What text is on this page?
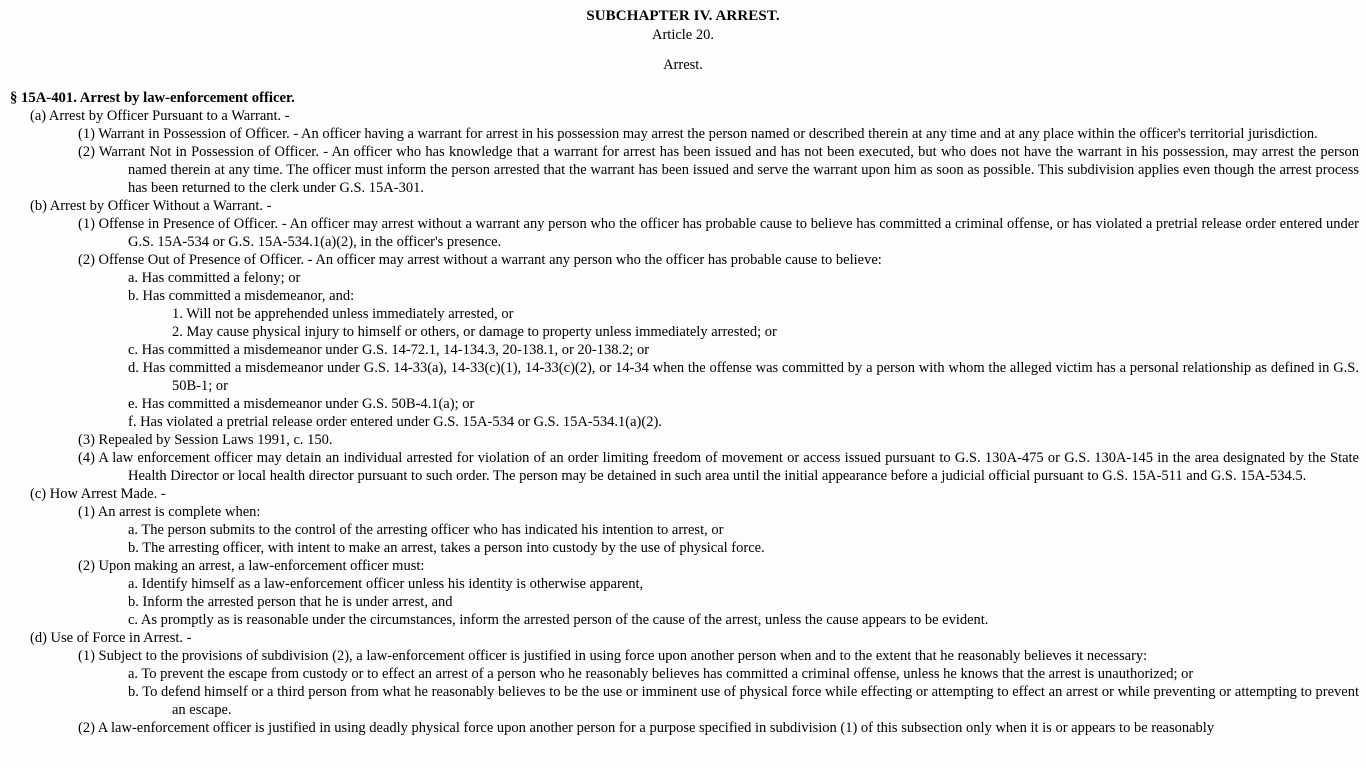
SUBCHAPTER IV. ARREST.
Article 20.
Arrest.
§ 15A-401. Arrest by law-enforcement officer.

(a) Arrest by Officer Pursuant to a Warrant. -

(1) Warrant in Possession of Officer. - An officer having a warrant for arrest in his possession may arrest the person named or described therein at any time and at any place within the officer's territorial jurisdiction.

(2) Warrant Not in Possession of Officer. - An officer who has knowledge that a warrant for arrest has been issued and has not been executed, but who does not have the warrant in his possession, may arrest the person named therein at any time. The officer must inform the person arrested that the warrant has been issued and serve the warrant upon him as soon as possible. This subdivision applies even though the arrest process has been returned to the clerk under G.S. 15A-301.

(b) Arrest by Officer Without a Warrant. -

(1) Offense in Presence of Officer. - An officer may arrest without a warrant any person who the officer has probable cause to believe has committed a criminal offense, or has violated a pretrial release order entered under G.S. 15A-534 or G.S. 15A-534.1(a)(2), in the officer's presence.

(2) Offense Out of Presence of Officer. - An officer may arrest without a warrant any person who the officer has probable cause to believe:

a. Has committed a felony; or

b. Has committed a misdemeanor, and:

1. Will not be apprehended unless immediately arrested, or

2. May cause physical injury to himself or others, or damage to property unless immediately arrested; or

c. Has committed a misdemeanor under G.S. 14-72.1, 14-134.3, 20-138.1, or 20-138.2; or

d. Has committed a misdemeanor under G.S. 14-33(a), 14-33(c)(1), 14-33(c)(2), or 14-34 when the offense was committed by a person with whom the alleged victim has a personal relationship as defined in G.S. 50B-1; or

e. Has committed a misdemeanor under G.S. 50B-4.1(a); or

f. Has violated a pretrial release order entered under G.S. 15A-534 or G.S. 15A-534.1(a)(2).

(3) Repealed by Session Laws 1991, c. 150.

(4) A law enforcement officer may detain an individual arrested for violation of an order limiting freedom of movement or access issued pursuant to G.S. 130A-475 or G.S. 130A-145 in the area designated by the State Health Director or local health director pursuant to such order. The person may be detained in such area until the initial appearance before a judicial official pursuant to G.S. 15A-511 and G.S. 15A-534.5.

(c) How Arrest Made. -

(1) An arrest is complete when:

a. The person submits to the control of the arresting officer who has indicated his intention to arrest, or

b. The arresting officer, with intent to make an arrest, takes a person into custody by the use of physical force.

(2) Upon making an arrest, a law-enforcement officer must:

a. Identify himself as a law-enforcement officer unless his identity is otherwise apparent,

b. Inform the arrested person that he is under arrest, and

c. As promptly as is reasonable under the circumstances, inform the arrested person of the cause of the arrest, unless the cause appears to be evident.

(d) Use of Force in Arrest. -

(1) Subject to the provisions of subdivision (2), a law-enforcement officer is justified in using force upon another person when and to the extent that he reasonably believes it necessary:

a. To prevent the escape from custody or to effect an arrest of a person who he reasonably believes has committed a criminal offense, unless he knows that the arrest is unauthorized; or

b. To defend himself or a third person from what he reasonably believes to be the use or imminent use of physical force while effecting or attempting to effect an arrest or while preventing or attempting to prevent an escape.

(2) A law-enforcement officer is justified in using deadly physical force upon another person for a purpose specified in subdivision (1) of this subsection only when it is or appears to be reasonably
